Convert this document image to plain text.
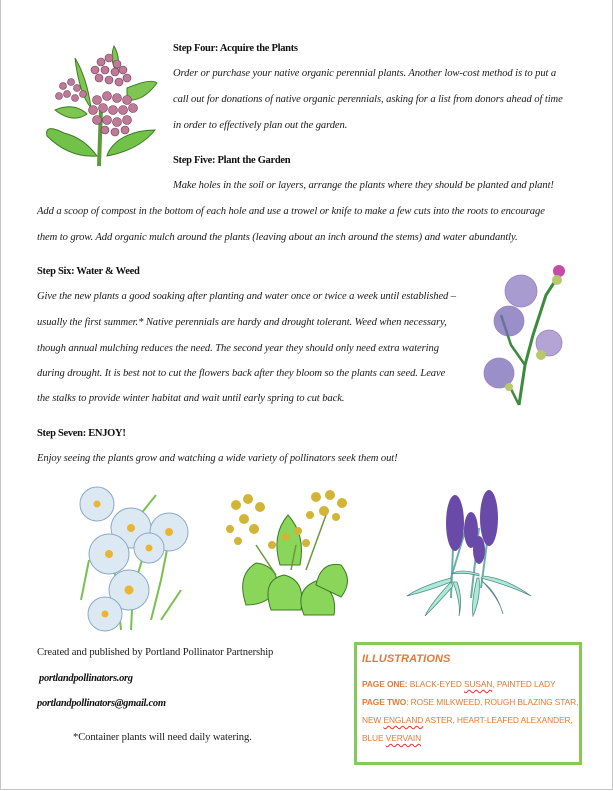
Step Four: Acquire the Plants
Order or purchase your native organic perennial plants. Another low-cost method is to put a
call out for donations of native organic perennials, asking for a list from donors ahead of time
in order to effectively plan out the garden.
Step Five: Plant the Garden
Make holes in the soil or layers, arrange the plants where they should be planted and plant!
Add a scoop of compost in the bottom of each hole and use a trowel or knife to make a few cuts into the roots to encourage
them to grow. Add organic mulch around the plants (leaving about an inch around the stems) and water abundantly.
Step Six: Water & Weed
Give the new plants a good soaking after planting and water once or twice a week until established –
usually the first summer.* Native perennials are hardy and drought tolerant. Weed when necessary,
though annual mulching reduces the need. The second year they should only need extra watering
during drought. It is best not to cut the flowers back after they bloom so the plants can seed. Leave
the stalks to provide winter habitat and wait until early spring to cut back.
Step Seven: ENJOY!
Enjoy seeing the plants grow and watching a wide variety of pollinators seek them out!
Created and published by Portland Pollinator Partnership
portlandpollinators.org
portlandpollinators@gmail.com
*Container plants will need daily watering.
ILLUSTRATIONS
PAGE ONE: BLACK-EYED SUSAN, PAINTED LADY
PAGE TWO: ROSE MILKWEED, ROUGH BLAZING STAR,
NEW ENGLAND ASTER, HEART-LEAFED ALEXANDER,
BLUE VERVAIN
